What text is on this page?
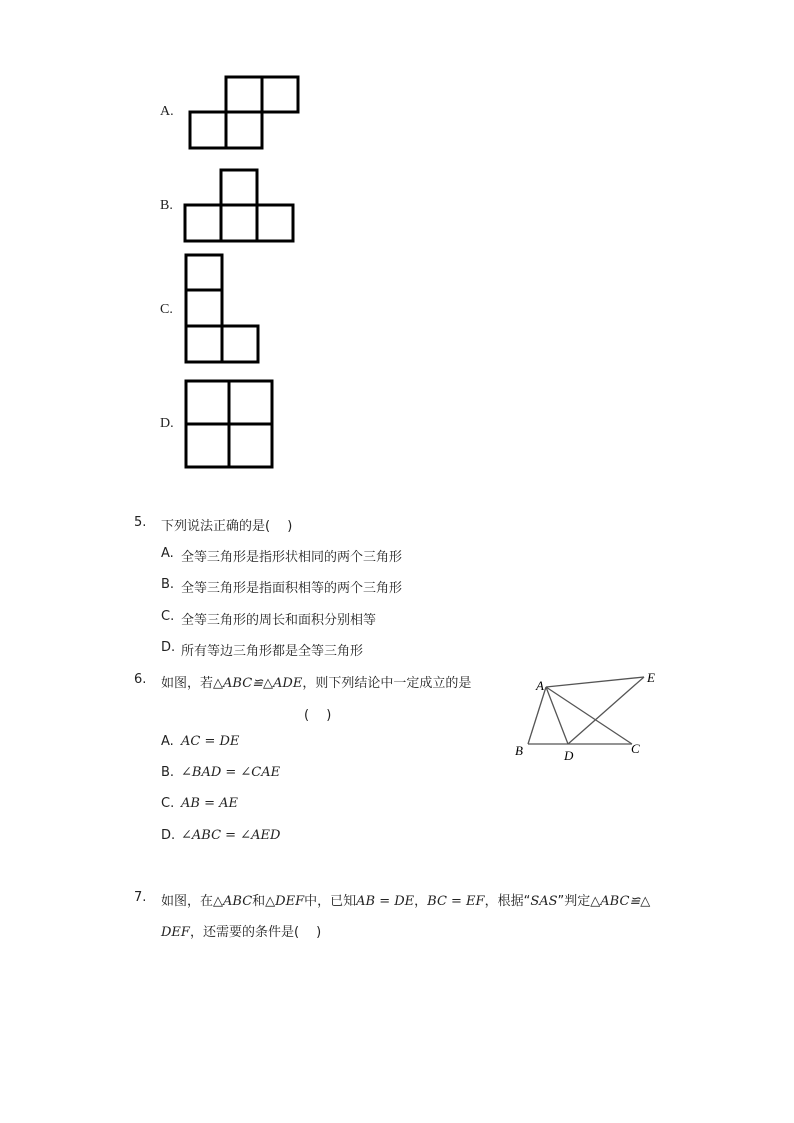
A.
B.
C.
D.
5. 下列说法正确的是(　 )
A. 全等三角形是指形状相同的两个三角形
B. 全等三角形是指面积相等的两个三角形
C. 全等三角形的周长和面积分别相等
D. 所有等边三角形都是全等三角形
6. 如图，若△ABC≌△ADE，则下列结论中一定成立的是
(　 )
A. AC = DE
B. ∠BAD = ∠CAE
C. AB = AE
D. ∠ABC = ∠AED
A
E
B	D	C
7. 如图，在△ABC和△DEF中，已知AB = DE，BC = EF，根据“SAS”判定△ABC≌△
DEF，还需要的条件是(　 )
